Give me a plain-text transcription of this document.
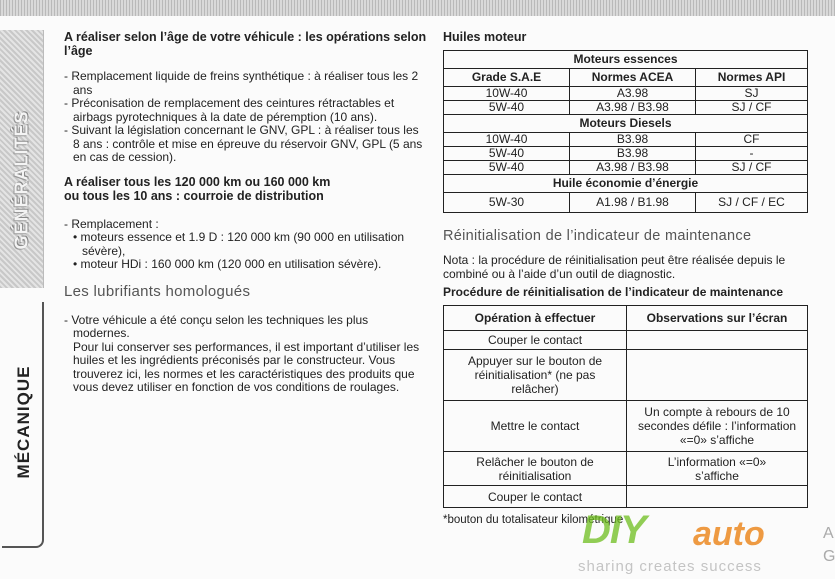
GÉNÉRALITÉS
MÉCANIQUE
A réaliser selon l’âge de votre véhicule : les opérations selon l’âge
- Remplacement liquide de freins synthétique : à réaliser tous les 2 ans
- Préconisation de remplacement des ceintures rétractables et airbags pyrotechniques à la date de péremption (10 ans).
- Suivant la législation concernant le GNV, GPL : à réaliser tous les 8 ans : contrôle et mise en épreuve du réservoir GNV, GPL (5 ans en cas de cession).
A réaliser tous les 120 000 km ou 160 000 km
ou tous les 10 ans : courroie de distribution
- Remplacement :
• moteurs essence et 1.9 D : 120 000 km (90 000 en utilisation sévère),
• moteur HDi : 160 000 km (120 000 en utilisation sévère).
Les lubrifiants homologués
- Votre véhicule a été conçu selon les techniques les plus modernes.
Pour lui conserver ses performances, il est important d’utiliser les huiles et les ingrédients préconisés par le constructeur. Vous trouverez ici, les normes et les caractéristiques des produits que vous devez utiliser en fonction de vos conditions de roulages.
Huiles moteur
Moteurs essences		
Grade S.A.E	Normes ACEA	Normes API
10W-40	A3.98	SJ
5W-40	A3.98 / B3.98	SJ / CF
Moteurs Diesels		
10W-40	B3.98	CF
5W-40	B3.98	-
5W-40	A3.98 / B3.98	SJ / CF
Huile économie d’énergie		
5W-30	A1.98 / B1.98	SJ / CF / EC
Réinitialisation de l’indicateur de maintenance
Nota : la procédure de réinitialisation peut être réalisée depuis le combiné ou à l’aide d’un outil de diagnostic.
Procédure de réinitialisation de l’indicateur de maintenance
Opération à effectuer	Observations sur l’écran
Couper le contact	
Appuyer sur le bouton de réinitialisation* (ne pas relâcher)	
Mettre le contact	Un compte à rebours de 10 secondes défile : l’information «=0» s’affiche
Relâcher le bouton de réinitialisation	L’information «=0» s’affiche
Couper le contact	
*bouton du totalisateur kilométrique
DIY auto
sharing creates success
A
G
